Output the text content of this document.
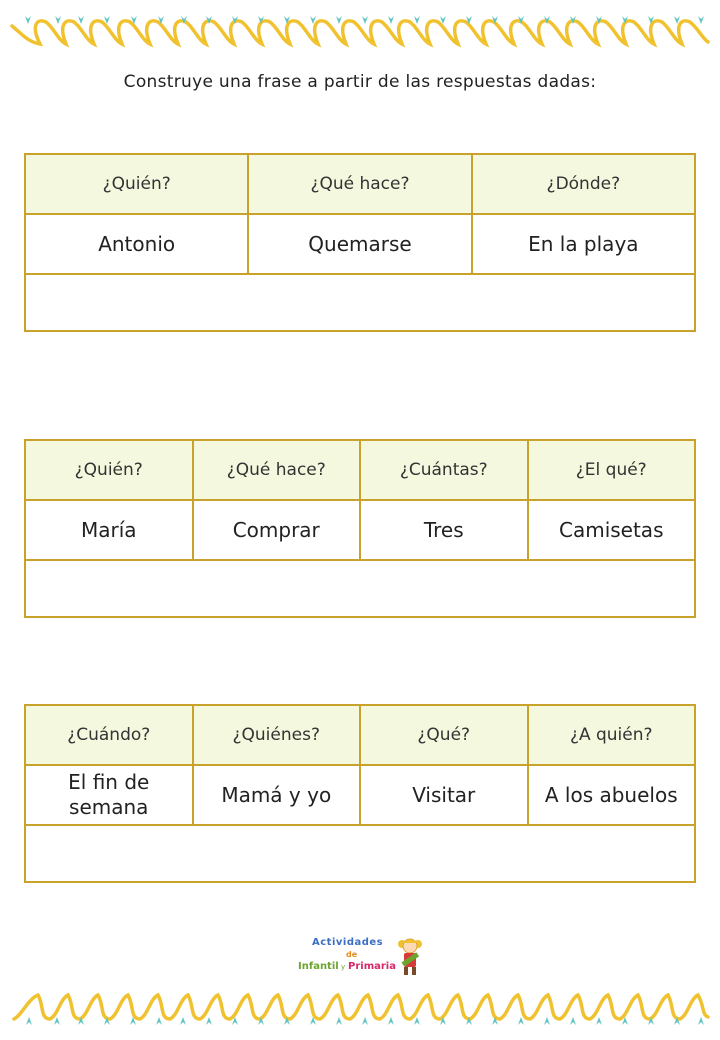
Construye una frase a partir de las respuestas dadas:
¿Quién?	¿Qué hace?	¿Dónde?
Antonio	Quemarse	En la playa

¿Quién?	¿Qué hace?	¿Cuántas?	¿El qué?
María	Comprar	Tres	Camisetas

¿Cuándo?	¿Quiénes?	¿Qué?	¿A quién?
El fin de semana	Mamá y yo	Visitar	A los abuelos

Actividades
de
Infantil y Primaria
